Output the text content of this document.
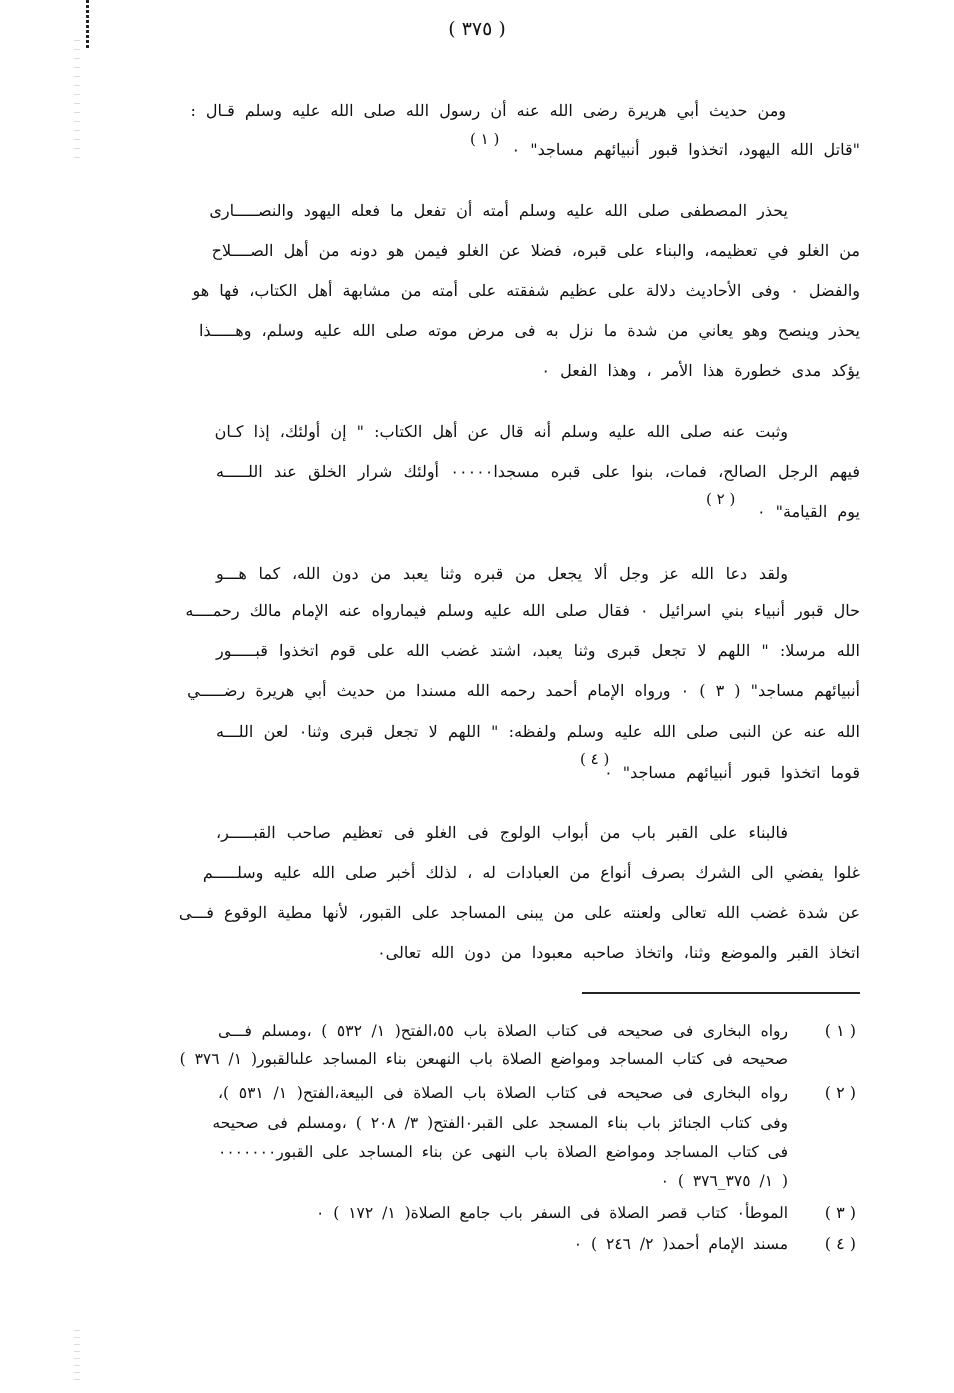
( ٣٧٥ )
ومن حديث أبي هريرة رضى الله عنه أن رسول الله صلى الله عليه وسلم قـال :
"قاتل الله اليهود، اتخذوا قبور أنبيائهم مساجد" ٠
( ١ )
يحذر المصطفى صلى الله عليه وسلم أمته أن تفعل ما فعله اليهود والنصـــــارى
من الغلو في تعظيمه، والبناء على قبره، فضلا عن الغلو فيمن هو دونه من أهل الصــــلاح
والفضل ٠ وفى الأحاديث دلالة على عظيم شفقته على أمته من مشابهة أهل الكتاب، فها هو
يحذر وينصح وهو يعاني من شدة ما نزل به فى مرض موته صلى الله عليه وسلم، وهـــــذا
يؤكد مدى خطورة هذا الأمر ، وهذا الفعل ٠
وثبت عنه صلى الله عليه وسلم أنه قال عن أهل الكتاب: " إن أولئك، إذا كـان
فيهم الرجل الصالح، فمات، بنوا على قبره مسجدا٠٠٠٠٠ أولئك شرار الخلق عند اللـــــه
يوم القيامة" ٠
( ٢ )
ولقد دعا الله عز وجل ألا يجعل من قبره وثنا يعبد من دون الله، كما هـــو
حال قبور أنبياء بني اسرائيل ٠ فقال صلى الله عليه وسلم فيمارواه عنه الإمام مالك رحمــــه
الله مرسلا: " اللهم لا تجعل قبرى وثنا يعبد، اشتد غضب الله على قوم اتخذوا قبـــــور
أنبيائهم مساجد" ( ٣ ) ٠ ورواه الإمام أحمد رحمه الله مسندا من حديث أبي هريرة رضـــــي
الله عنه عن النبى صلى الله عليه وسلم ولفظه: " اللهم لا تجعل قبرى وثنا٠ لعن اللـــه
قوما اتخذوا قبور أنبيائهم مساجد" ٠
( ٤ )
فالبناء على القبر باب من أبواب الولوج فى الغلو فى تعظيم صاحب القبـــــر،
غلوا يفضي الى الشرك بصرف أنواع من العبادات له ، لذلك أخبر صلى الله عليه وسلـــــم
عن شدة غضب الله تعالى ولعنته على من يبنى المساجد على القبور، لأنها مطية الوقوع فـــى
اتخاذ القبر والموضع وثنا، واتخاذ صاحبه معبودا من دون الله تعالى٠
( ١ )
رواه البخارى فى صحيحه فى كتاب الصلاة باب ٥٥،الفتح( ١/ ٥٣٢ ) ،ومسلم فـــى
صحيحه فى كتاب المساجد ومواضع الصلاة باب النهىعن بناء المساجد علىالقبور( ١/ ٣٧٦ )
( ٢ )
رواه البخارى فى صحيحه فى كتاب الصلاة باب الصلاة فى البيعة،الفتح( ١/ ٥٣١ )،
وفى كتاب الجنائز باب بناء المسجد على القبر٠الفتح( ٣/ ٢٠٨ ) ،ومسلم فى صحيحه
فى كتاب المساجد ومواضع الصلاة باب النهى عن بناء المساجد على القبور٠٠٠٠٠٠٠
( ١/ ٣٧٥_٣٧٦ ) ٠
( ٣ )
الموطأ٠ كتاب قصر الصلاة فى السفر باب جامع الصلاة( ١/ ١٧٢ ) ٠
( ٤ )
مسند الإمام أحمد( ٢/ ٢٤٦ ) ٠
